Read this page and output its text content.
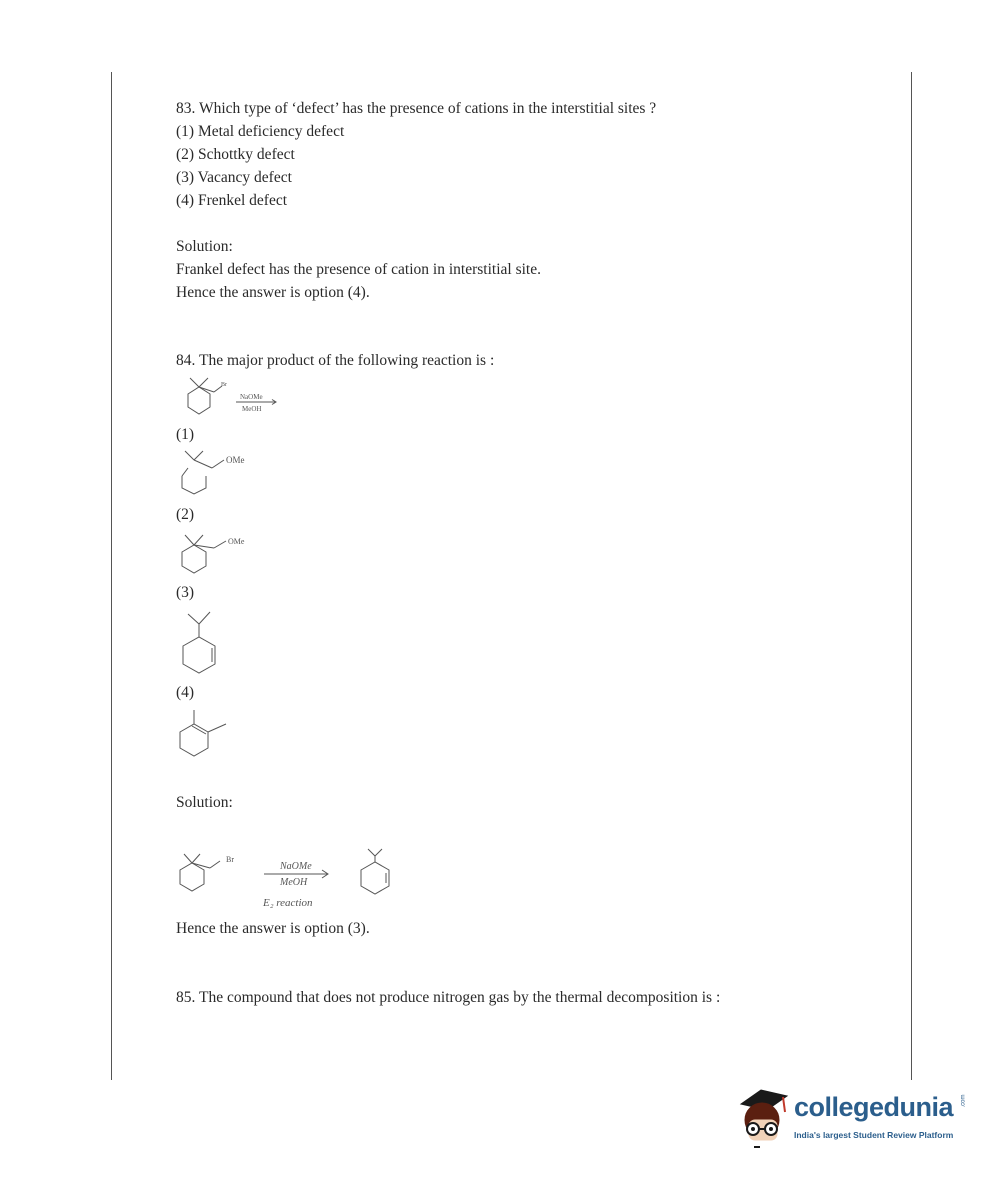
83. Which type of ‘defect’ has the presence of cations in the interstitial sites ?
(1) Metal deficiency defect
(2) Schottky defect
(3) Vacancy defect
(4) Frenkel defect
Solution:
Frankel defect has the presence of cation in interstitial site.
Hence the answer is option (4).
84. The major product of the following reaction is :
Br
NaOMe
MeOH
(1)
OMe
(2)
OMe
(3)
(4)
Solution:
Br
NaOMe
MeOH
E₂ reaction
Hence the answer is option (3).
85. The compound that does not produce nitrogen gas by the thermal decomposition is :
collegedunia .com
India's largest Student Review Platform
